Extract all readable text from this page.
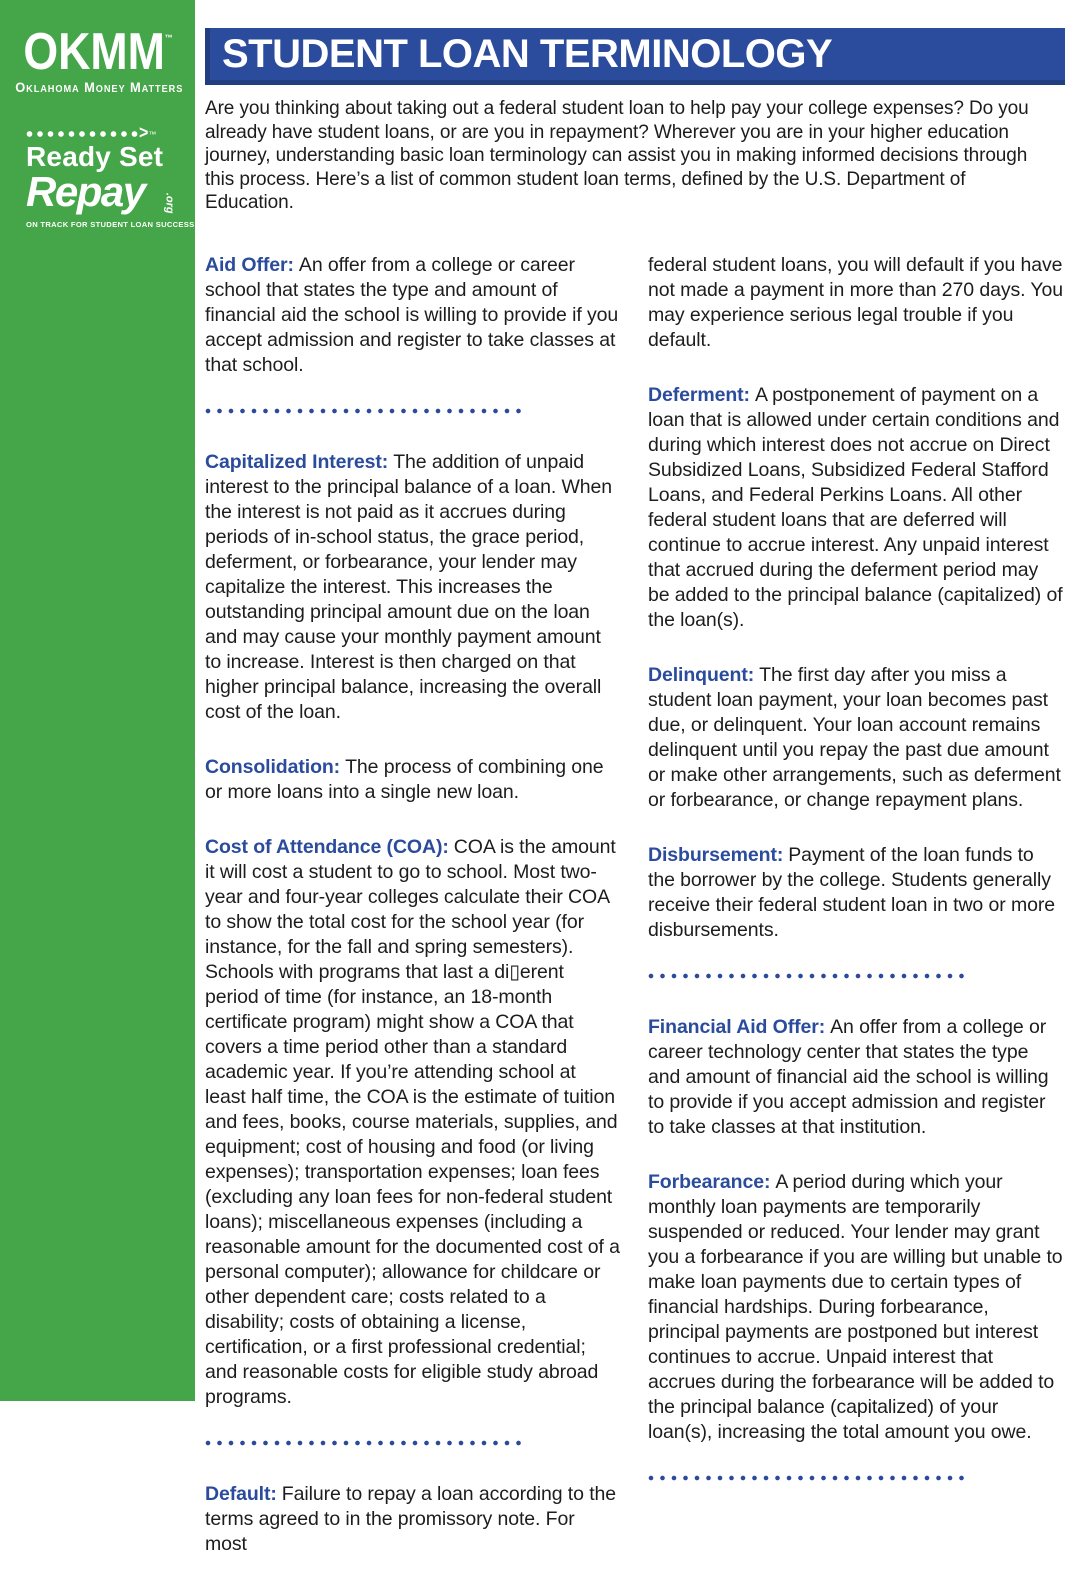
OKMM™
Oklahoma Money Matters
> ™
Ready Set
Repay .org
ON TRACK FOR STUDENT LOAN SUCCESS
STUDENT LOAN TERMINOLOGY

Are you thinking about taking out a federal student loan to help pay your college expenses? Do you already have student loans, or are you in repayment? Wherever you are in your higher education journey, understanding basic loan terminology can assist you in making informed decisions through this process. Here’s a list of common student loan terms, defined by the U.S. Department of Education.

Aid Offer: An offer from a college or career school that states the type and amount of financial aid the school is willing to provide if you accept admission and register to take classes at that school.

Capitalized Interest: The addition of unpaid interest to the principal balance of a loan. When the interest is not paid as it accrues during periods of in-school status, the grace period, deferment, or forbearance, your lender may capitalize the interest. This increases the outstanding principal amount due on the loan and may cause your monthly payment amount to increase. Interest is then charged on that higher principal balance, increasing the overall cost of the loan.

Consolidation: The process of combining one or more loans into a single new loan.

Cost of Attendance (COA): COA is the amount it will cost a student to go to school. Most two-year and four-year colleges calculate their COA to show the total cost for the school year (for instance, for the fall and spring semesters). Schools with programs that last a di▯erent period of time (for instance, an 18-month certificate program) might show a COA that covers a time period other than a standard academic year. If you’re attending school at least half time, the COA is the estimate of tuition and fees, books, course materials, supplies, and equipment; cost of housing and food (or living expenses); transportation expenses; loan fees (excluding any loan fees for non-federal student loans); miscellaneous expenses (including a reasonable amount for the documented cost of a personal computer); allowance for childcare or other dependent care; costs related to a disability; costs of obtaining a license, certification, or a first professional credential; and reasonable costs for eligible study abroad programs.

Default: Failure to repay a loan according to the terms agreed to in the promissory note. For most

federal student loans, you will default if you have not made a payment in more than 270 days. You may experience serious legal trouble if you default.

Deferment: A postponement of payment on a loan that is allowed under certain conditions and during which interest does not accrue on Direct Subsidized Loans, Subsidized Federal Stafford Loans, and Federal Perkins Loans. All other federal student loans that are deferred will continue to accrue interest. Any unpaid interest that accrued during the deferment period may be added to the principal balance (capitalized) of the loan(s).

Delinquent: The first day after you miss a student loan payment, your loan becomes past due, or delinquent. Your loan account remains delinquent until you repay the past due amount or make other arrangements, such as deferment or forbearance, or change repayment plans.

Disbursement: Payment of the loan funds to the borrower by the college. Students generally receive their federal student loan in two or more disbursements.

Financial Aid Offer: An offer from a college or career technology center that states the type and amount of financial aid the school is willing to provide if you accept admission and register to take classes at that institution.

Forbearance: A period during which your monthly loan payments are temporarily suspended or reduced. Your lender may grant you a forbearance if you are willing but unable to make loan payments due to certain types of financial hardships. During forbearance, principal payments are postponed but interest continues to accrue. Unpaid interest that accrues during the forbearance will be added to the principal balance (capitalized) of your loan(s), increasing the total amount you owe.
